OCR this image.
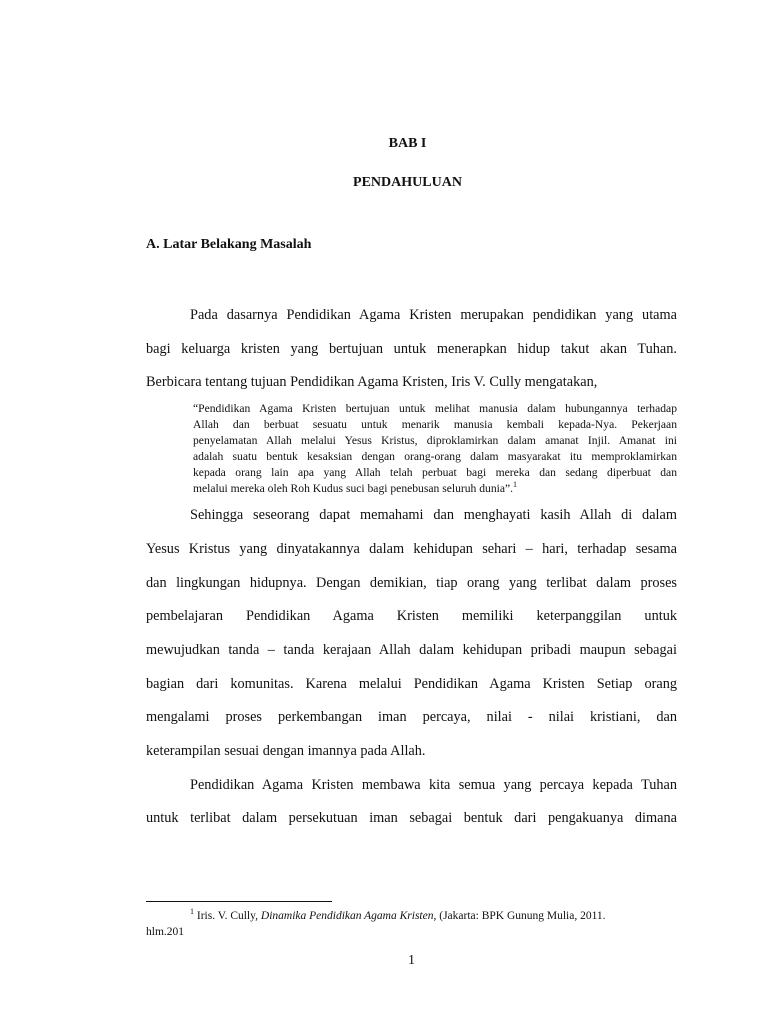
BAB I
PENDAHULUAN
A. Latar Belakang Masalah
Pada dasarnya Pendidikan Agama Kristen merupakan pendidikan yang utama
bagi keluarga kristen yang bertujuan untuk menerapkan hidup takut akan Tuhan.
Berbicara tentang tujuan Pendidikan Agama Kristen, Iris V. Cully mengatakan,
“Pendidikan Agama Kristen bertujuan untuk melihat manusia dalam hubungannya terhadap
Allah dan berbuat sesuatu untuk menarik manusia kembali kepada-Nya. Pekerjaan
penyelamatan Allah melalui Yesus Kristus, diproklamirkan dalam amanat Injil. Amanat ini
adalah suatu bentuk kesaksian dengan orang-orang dalam masyarakat itu memproklamirkan
kepada orang lain apa yang Allah telah perbuat bagi mereka dan sedang diperbuat dan
melalui mereka oleh Roh Kudus suci bagi penebusan seluruh dunia”.$^1$
Sehingga seseorang dapat memahami dan menghayati kasih Allah di dalam
Yesus Kristus yang dinyatakannya dalam kehidupan sehari – hari, terhadap sesama
dan lingkungan hidupnya. Dengan demikian, tiap orang yang terlibat dalam proses
pembelajaran Pendidikan Agama Kristen memiliki keterpanggilan untuk
mewujudkan tanda – tanda kerajaan Allah dalam kehidupan pribadi maupun sebagai
bagian dari komunitas. Karena melalui Pendidikan Agama Kristen Setiap orang
mengalami proses perkembangan iman percaya, nilai - nilai kristiani, dan
keterampilan sesuai dengan imannya pada Allah.
Pendidikan Agama Kristen membawa kita semua yang percaya kepada Tuhan
untuk terlibat dalam persekutuan iman sebagai bentuk dari pengakuanya dimana
$^1$ Iris. V. Cully, Dinamika Pendidikan Agama Kristen, (Jakarta: BPK Gunung Mulia, 2011.
hlm.201
1
